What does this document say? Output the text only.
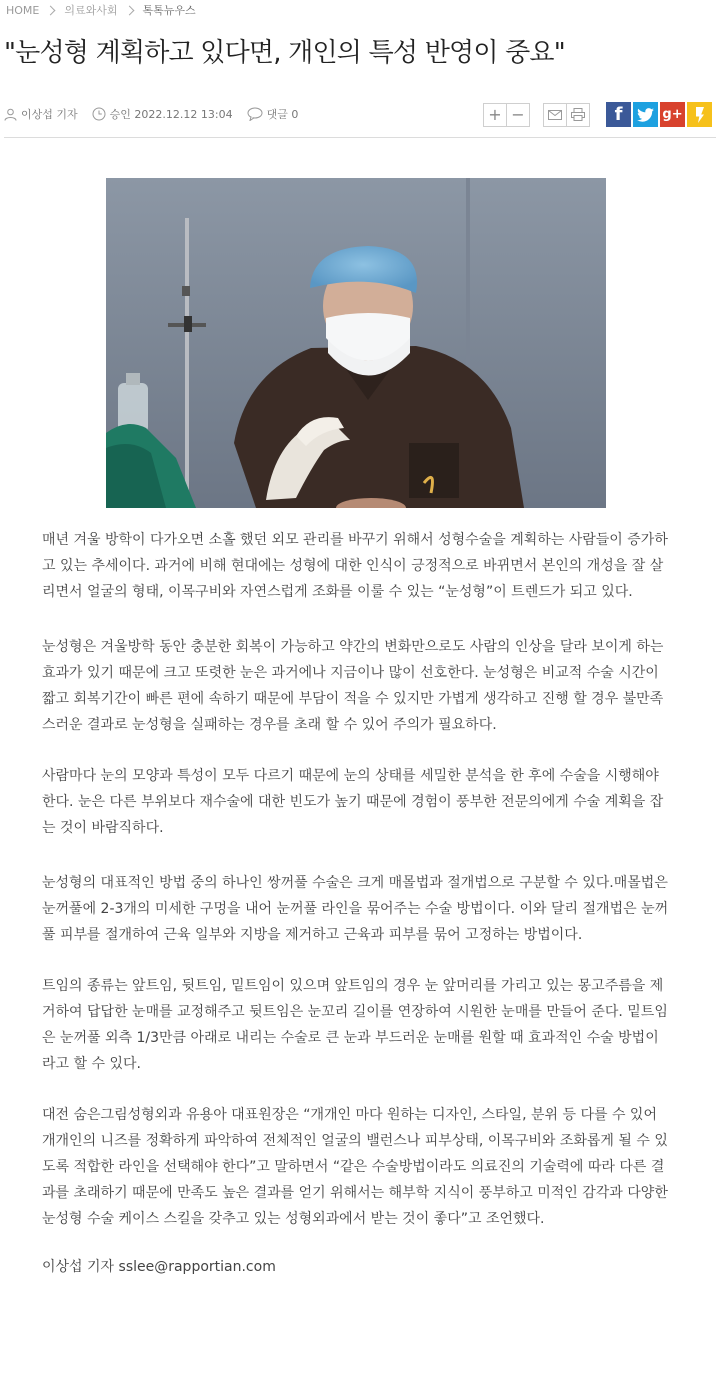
HOME 의료와사회 톡톡뉴우스
"눈성형 계획하고 있다면, 개인의 특성 반영이 중요"
이상섭 기자	승인 2022.12.12 13:04	댓글 0	+ −	f	g+

매년 겨울 방학이 다가오면 소홀 했던 외모 관리를 바꾸기 위해서 성형수술을 계획하는 사람들이 증가하고 있는 추세이다. 과거에 비해 현대에는 성형에 대한 인식이 긍정적으로 바뀌면서 본인의 개성을 잘 살리면서 얼굴의 형태, 이목구비와 자연스럽게 조화를 이룰 수 있는 “눈성형”이 트렌드가 되고 있다.

눈성형은 겨울방학 동안 충분한 회복이 가능하고 약간의 변화만으로도 사람의 인상을 달라 보이게 하는 효과가 있기 때문에 크고 또렷한 눈은 과거에나 지금이나 많이 선호한다. 눈성형은 비교적 수술 시간이 짧고 회복기간이 빠른 편에 속하기 때문에 부담이 적을 수 있지만 가볍게 생각하고 진행 할 경우 불만족스러운 결과로 눈성형을 실패하는 경우를 초래 할 수 있어 주의가 필요하다.

사람마다 눈의 모양과 특성이 모두 다르기 때문에 눈의 상태를 세밀한 분석을 한 후에 수술을 시행해야 한다. 눈은 다른 부위보다 재수술에 대한 빈도가 높기 때문에 경험이 풍부한 전문의에게 수술 계획을 잡는 것이 바람직하다.

눈성형의 대표적인 방법 중의 하나인 쌍꺼풀 수술은 크게 매몰법과 절개법으로 구분할 수 있다.매몰법은 눈꺼풀에 2-3개의 미세한 구멍을 내어 눈꺼풀 라인을 묶어주는 수술 방법이다. 이와 달리 절개법은 눈꺼풀 피부를 절개하여 근육 일부와 지방을 제거하고 근육과 피부를 묶어 고정하는 방법이다.

트임의 종류는 앞트임, 뒷트임, 밑트임이 있으며 앞트임의 경우 눈 앞머리를 가리고 있는 몽고주름을 제거하여 답답한 눈매를 교정해주고 뒷트임은 눈꼬리 길이를 연장하여 시원한 눈매를 만들어 준다. 밑트임은 눈꺼풀 외측 1/3만큼 아래로 내리는 수술로 큰 눈과 부드러운 눈매를 원할 때 효과적인 수술 방법이라고 할 수 있다.

대전 숨은그림성형외과 유용아 대표원장은 “개개인 마다 원하는 디자인, 스타일, 분위 등 다를 수 있어 개개인의 니즈를 정확하게 파악하여 전체적인 얼굴의 밸런스나 피부상태, 이목구비와 조화롭게 될 수 있도록 적합한 라인을 선택해야 한다”고 말하면서 “같은 수술방법이라도 의료진의 기술력에 따라 다른 결과를 초래하기 때문에 만족도 높은 결과를 얻기 위해서는 해부학 지식이 풍부하고 미적인 감각과 다양한 눈성형 수술 케이스 스킬을 갖추고 있는 성형외과에서 받는 것이 좋다”고 조언했다.

이상섭 기자 sslee@rapportian.com
